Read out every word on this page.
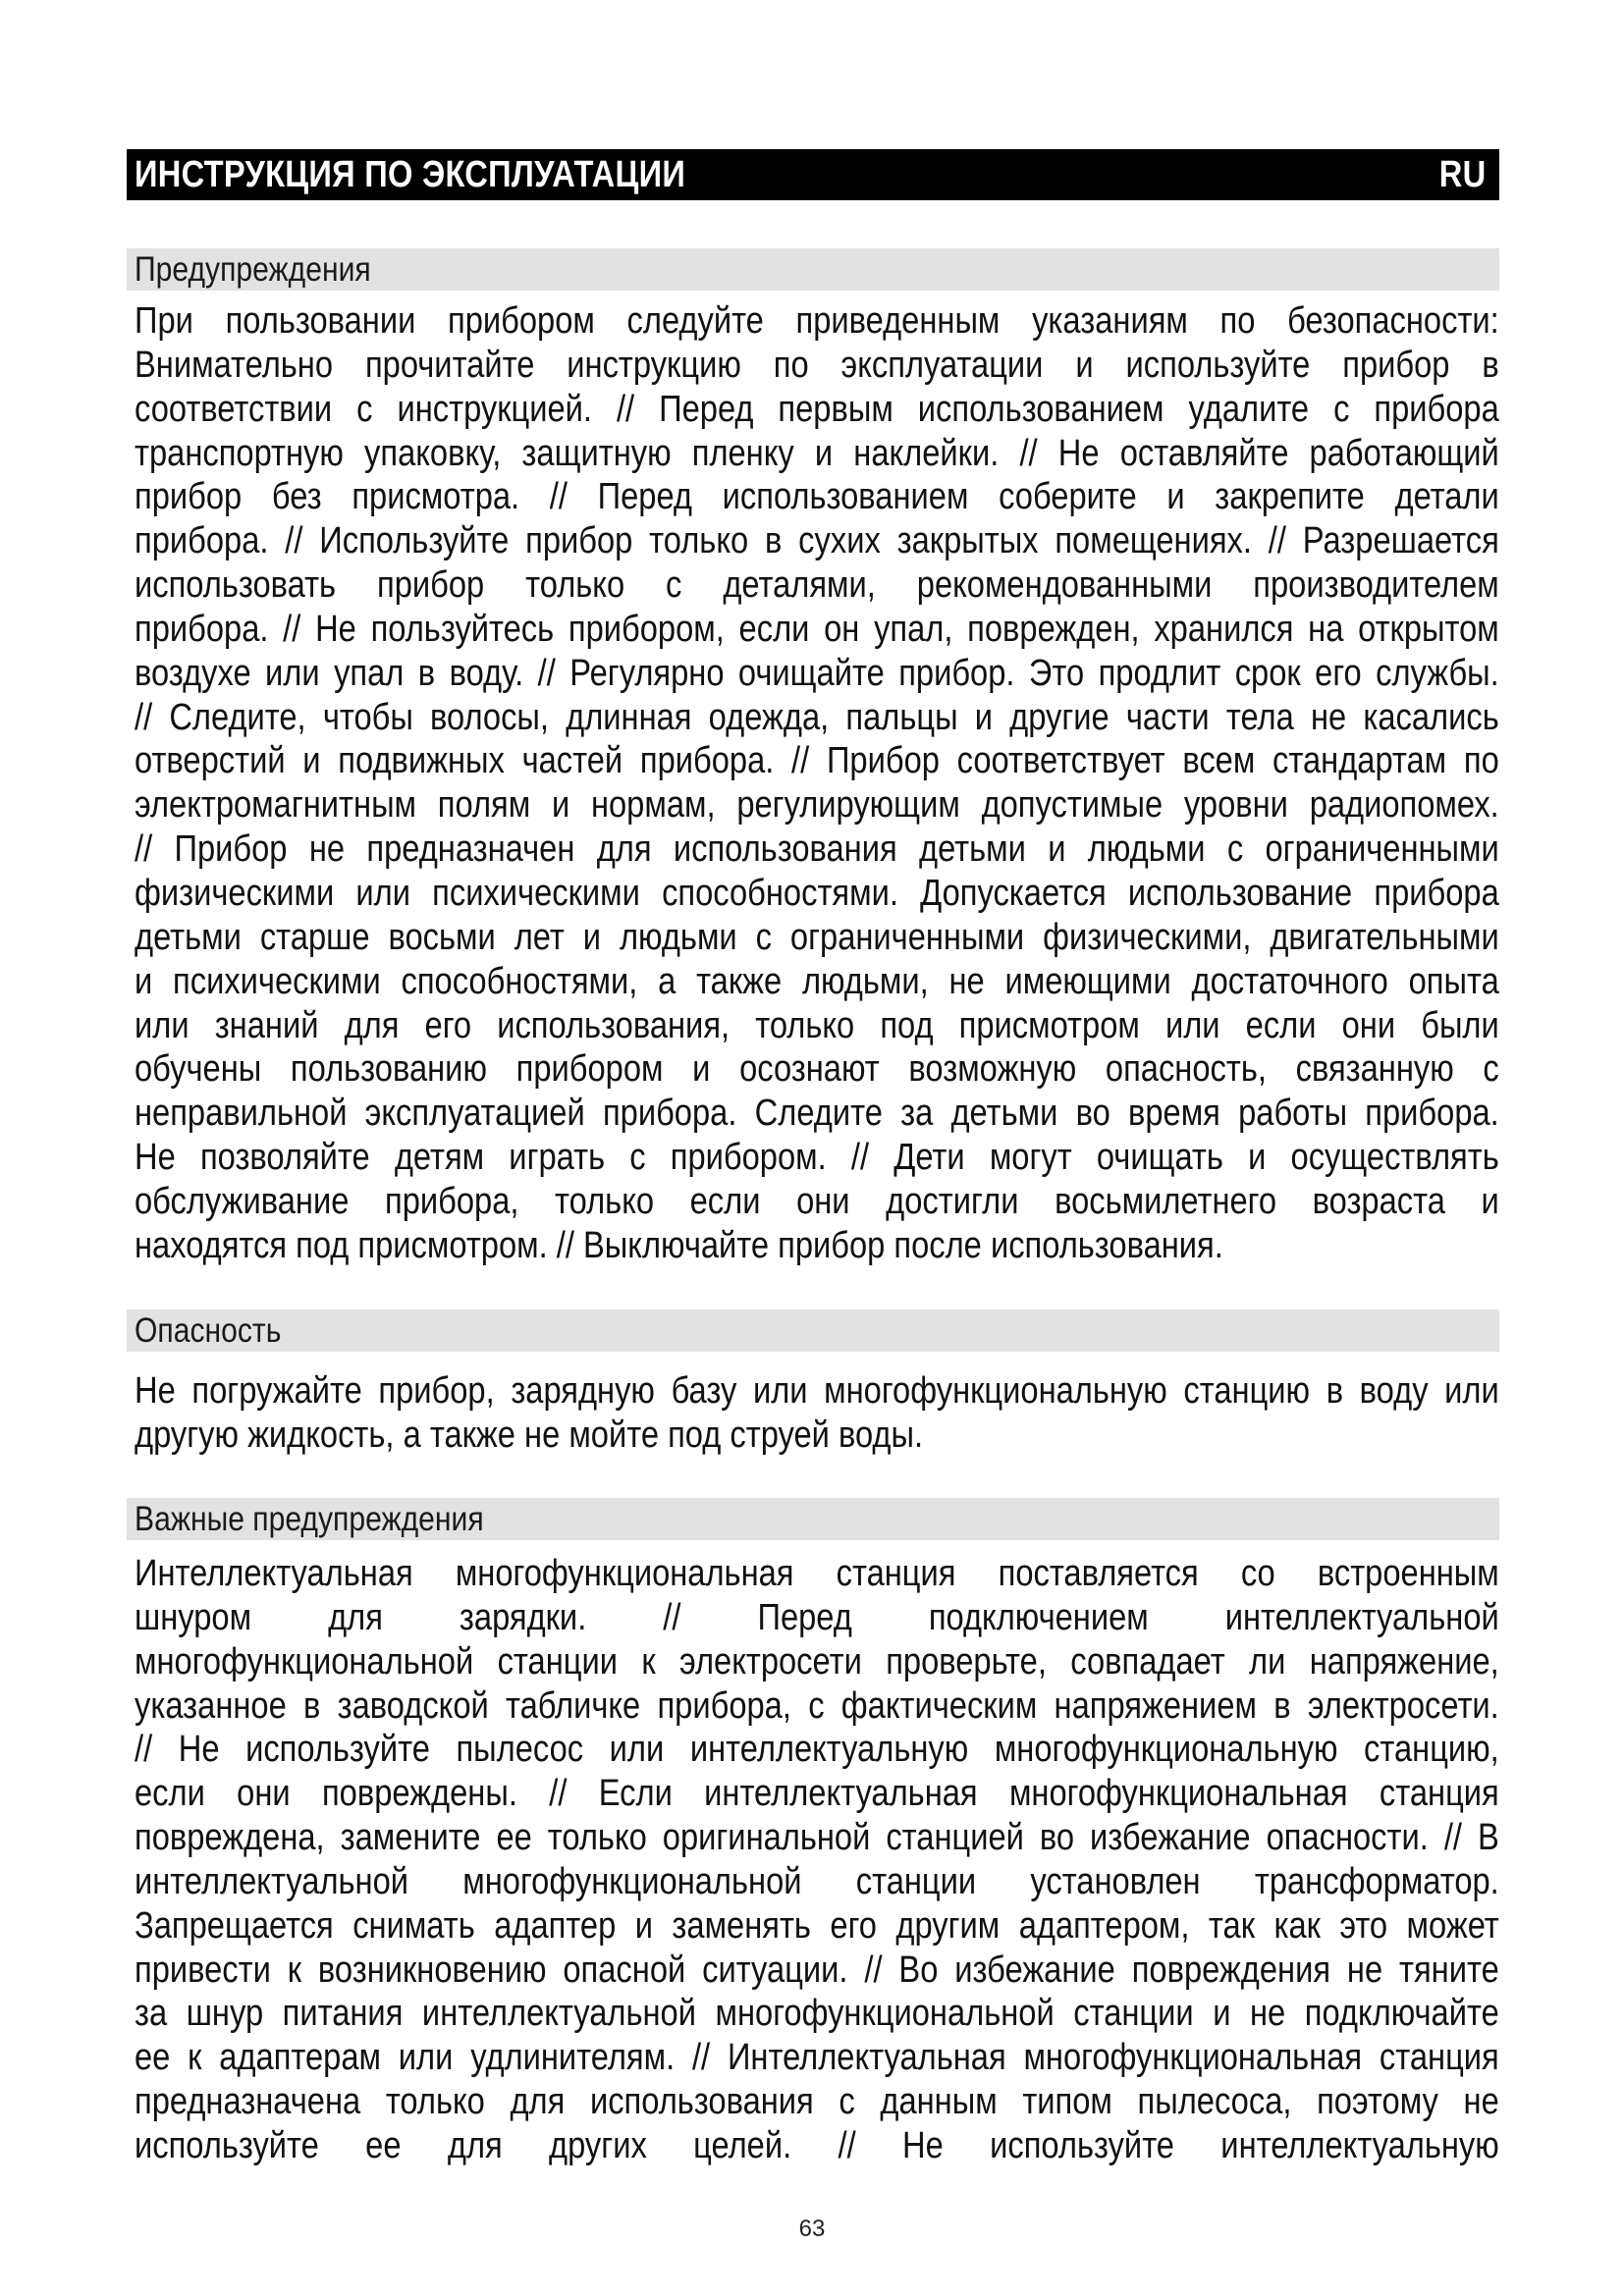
ИНСТРУКЦИЯ ПО ЭКСПЛУАТАЦИИ	RU
Предупреждения
При пользовании прибором следуйте приведенным указаниям по безопасности:
Внимательно прочитайте инструкцию по эксплуатации и используйте прибор в
соответствии с инструкцией. // Перед первым использованием удалите с прибора
транспортную упаковку, защитную пленку и наклейки. // Не оставляйте работающий
прибор без присмотра. // Перед использованием соберите и закрепите детали
прибора. // Используйте прибор только в сухих закрытых помещениях. // Разрешается
использовать прибор только с деталями, рекомендованными производителем
прибора. // Не пользуйтесь прибором, если он упал, поврежден, хранился на открытом
воздухе или упал в воду. // Регулярно очищайте прибор. Это продлит срок его службы.
// Следите, чтобы волосы, длинная одежда, пальцы и другие части тела не касались
отверстий и подвижных частей прибора. // Прибор соответствует всем стандартам по
электромагнитным полям и нормам, регулирующим допустимые уровни радиопомех.
// Прибор не предназначен для использования детьми и людьми с ограниченными
физическими или психическими способностями. Допускается использование прибора
детьми старше восьми лет и людьми с ограниченными физическими, двигательными
и психическими способностями, а также людьми, не имеющими достаточного опыта
или знаний для его использования, только под присмотром или если они были
обучены пользованию прибором и осознают возможную опасность, связанную с
неправильной эксплуатацией прибора. Следите за детьми во время работы прибора.
Не позволяйте детям играть с прибором. // Дети могут очищать и осуществлять
обслуживание прибора, только если они достигли восьмилетнего возраста и
находятся под присмотром. // Выключайте прибор после использования.
Опасность
Не погружайте прибор, зарядную базу или многофункциональную станцию в воду или
другую жидкость, а также не мойте под струей воды.
Важные предупреждения
Интеллектуальная многофункциональная станция поставляется со встроенным
шнуром для зарядки. // Перед подключением интеллектуальной
многофункциональной станции к электросети проверьте, совпадает ли напряжение,
указанное в заводской табличке прибора, с фактическим напряжением в электросети.
// Не используйте пылесос или интеллектуальную многофункциональную станцию,
если они повреждены. // Если интеллектуальная многофункциональная станция
повреждена, замените ее только оригинальной станцией во избежание опасности. // В
интеллектуальной многофункциональной станции установлен трансформатор.
Запрещается снимать адаптер и заменять его другим адаптером, так как это может
привести к возникновению опасной ситуации. // Во избежание повреждения не тяните
за шнур питания интеллектуальной многофункциональной станции и не подключайте
ее к адаптерам или удлинителям. // Интеллектуальная многофункциональная станция
предназначена только для использования с данным типом пылесоса, поэтому не
используйте ее для других целей. // Не используйте интеллектуальную
63
